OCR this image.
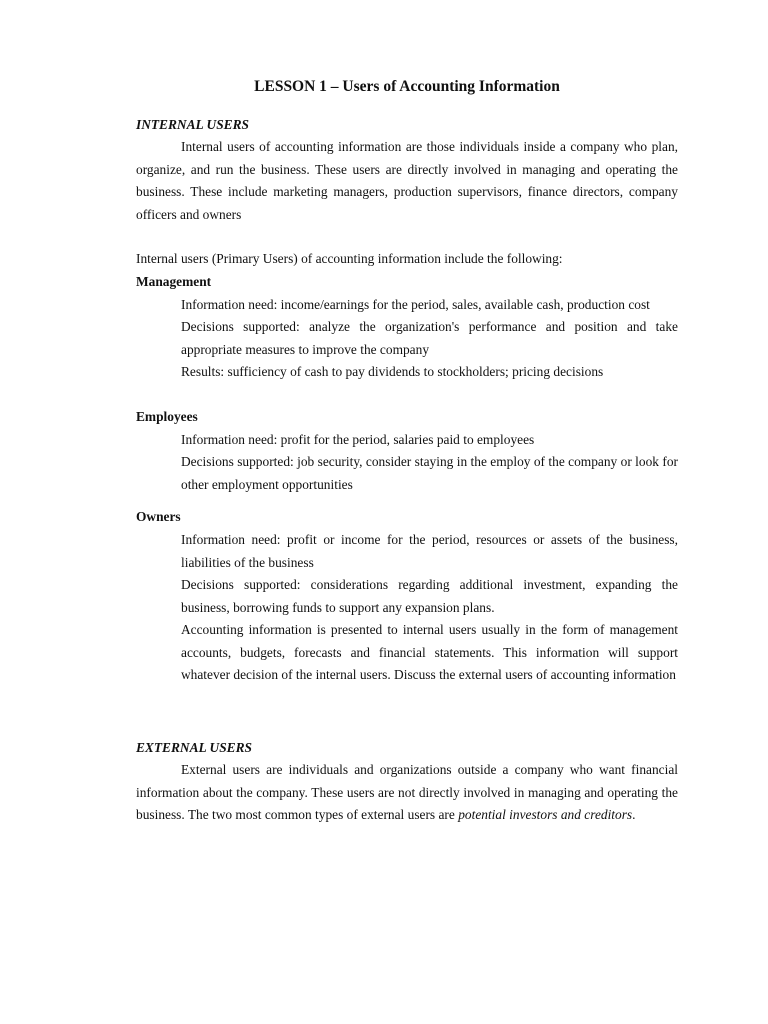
LESSON 1 – Users of Accounting Information

INTERNAL USERS

Internal users of accounting information are those individuals inside a company who plan, organize, and run the business. These users are directly involved in managing and operating the business. These include marketing managers, production supervisors, finance directors, company officers and owners

Internal users (Primary Users) of accounting information include the following:

Management

Information need: income/earnings for the period, sales, available cash, production cost

Decisions supported: analyze the organization's performance and position and take appropriate measures to improve the company

Results: sufficiency of cash to pay dividends to stockholders; pricing decisions

Employees

Information need: profit for the period, salaries paid to employees

Decisions supported: job security, consider staying in the employ of the company or look for other employment opportunities

Owners

Information need: profit or income for the period, resources or assets of the business, liabilities of the business

Decisions supported: considerations regarding additional investment, expanding the business, borrowing funds to support any expansion plans.

Accounting information is presented to internal users usually in the form of management accounts, budgets, forecasts and financial statements. This information will support whatever decision of the internal users. Discuss the external users of accounting information

EXTERNAL USERS

External users are individuals and organizations outside a company who want financial information about the company. These users are not directly involved in managing and operating the business. The two most common types of external users are potential investors and creditors.
